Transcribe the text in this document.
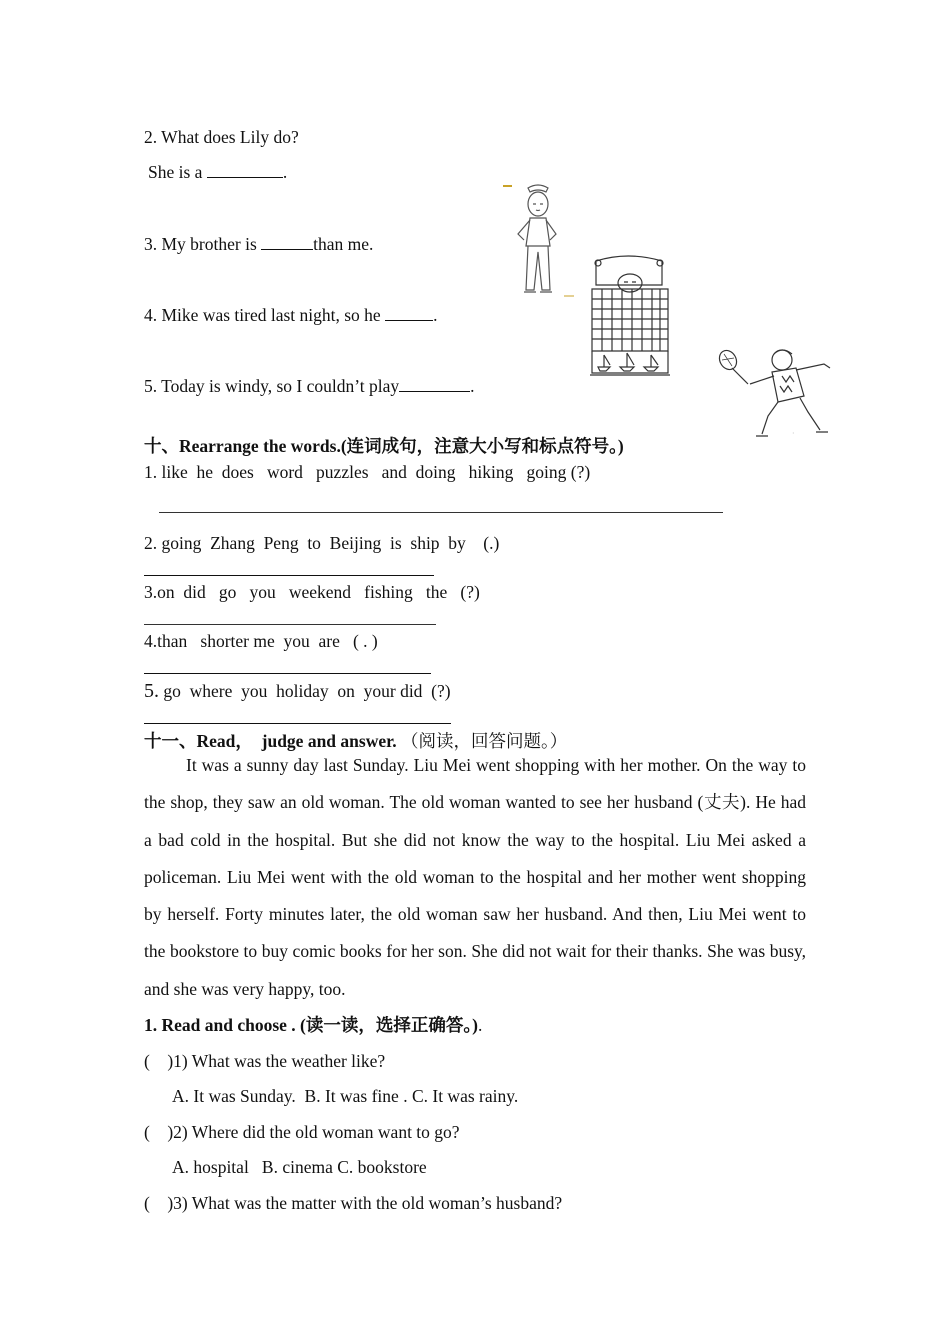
2. What does Lily do?
She is a	.
3. My brother is	than me.
4. Mike was tired last night, so he	.
5. Today is windy, so I couldn’t play	.
·
十、Rearrange the words.(连词成句，注意大小写和标点符号。)
1. like  he  does   word   puzzles   and  doing   hiking   going (?)
2. going  Zhang  Peng  to  Beijing  is  ship  by    (.)
3.on  did   go   you   weekend   fishing   the   (?)
4.than   shorter me  you  are   ( . )
5. go  where  you  holiday  on  your did  (?)
十一、Read，  judge and answer. （阅读，回答问题。）

It was a sunny day last Sunday. Liu Mei went shopping with her mother. On the way to the shop, they saw an old woman. The old woman wanted to see her husband (丈夫). He had a bad cold in the hospital. But she did not know the way to the hospital. Liu Mei asked a policeman. Liu Mei went with the old woman to the hospital and her mother went shopping by herself. Forty minutes later, the old woman saw her husband. And then, Liu Mei went to the bookstore to buy comic books for her son. She did not wait for their thanks. She was busy, and she was very happy, too.

1. Read and choose . (读一读，选择正确答。).
(    )1) What was the weather like?
A. It was Sunday.  B. It was fine . C. It was rainy.
(    )2) Where did the old woman want to go?
A. hospital   B. cinema C. bookstore
(    )3) What was the matter with the old woman’s husband?
